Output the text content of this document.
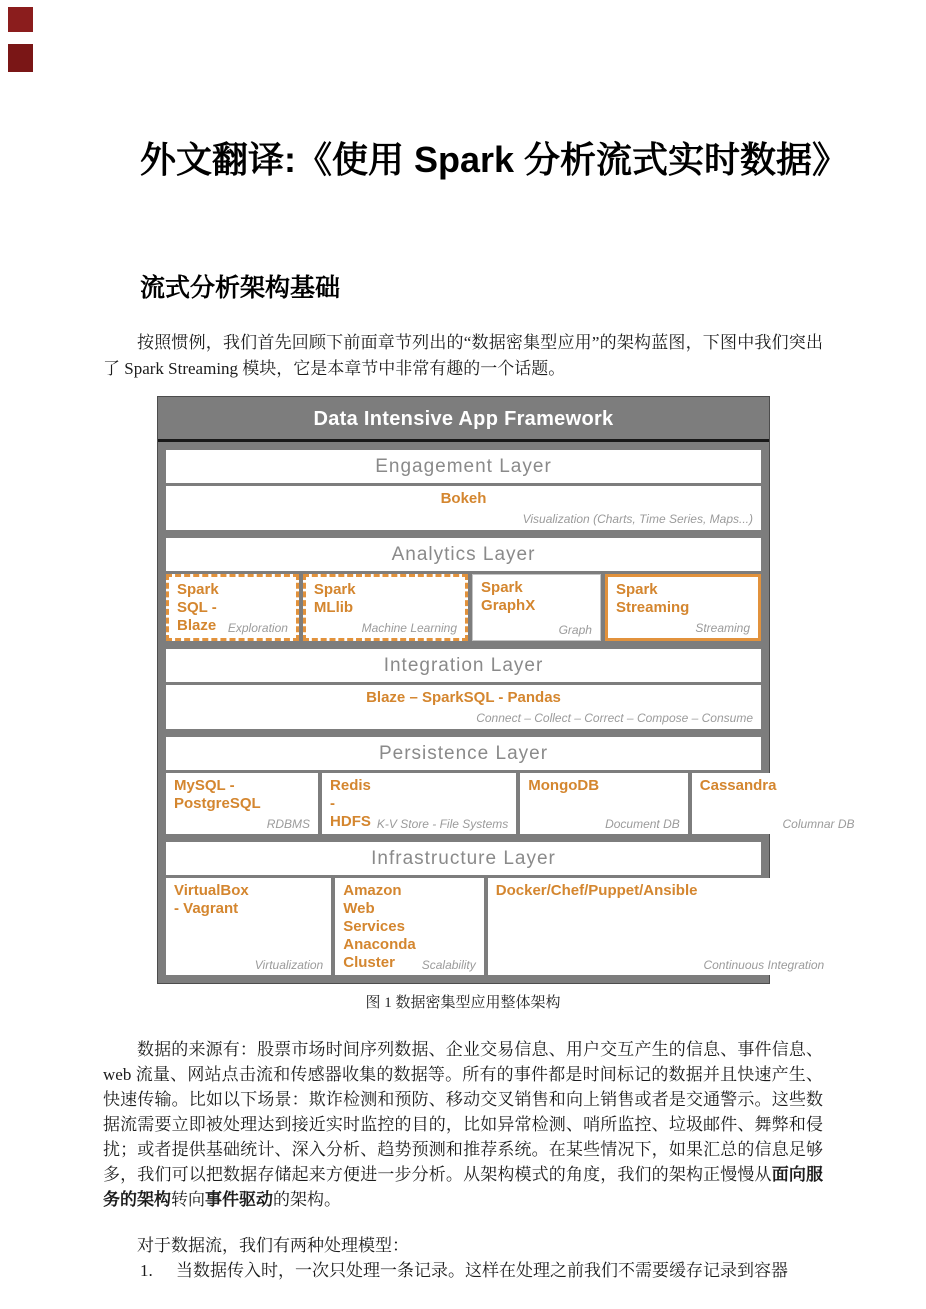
外文翻译:《使用 Spark 分析流式实时数据》
流式分析架构基础

按照惯例，我们首先回顾下前面章节列出的“数据密集型应用”的架构蓝图，下图中我们突出了 Spark Streaming 模块，它是本章节中非常有趣的一个话题。

Data Intensive App Framework
Engagement Layer
Bokeh
Visualization (Charts, Time Series, Maps...)
Analytics Layer
Spark SQL - Blaze Exploration
Spark MLlib
Machine Learning
Spark GraphX
Graph
Spark Streaming
Streaming
Integration Layer
Blaze – SparkSQL - Pandas
Connect – Collect – Correct – Compose – Consume
Persistence Layer
MySQL - PostgreSQL
RDBMS
Redis -HDFS K-V Store - File Systems
MongoDB
Document DB
Cassandra
Columnar DB
Infrastructure Layer
VirtualBox - Vagrant
Virtualization
Amazon Web Services Anaconda Cluster	Scalability
Docker/Chef/Puppet/Ansible
Continuous Integration
图 1 数据密集型应用整体架构

数据的来源有：股票市场时间序列数据、企业交易信息、用户交互产生的信息、事件信息、web 流量、网站点击流和传感器收集的数据等。所有的事件都是时间标记的数据并且快速产生、快速传输。比如以下场景：欺诈检测和预防、移动交叉销售和向上销售或者是交通警示。这些数据流需要立即被处理达到接近实时监控的目的，比如异常检测、哨所监控、垃圾邮件、舞弊和侵扰；或者提供基础统计、深入分析、趋势预测和推荐系统。在某些情况下，如果汇总的信息足够多，我们可以把数据存储起来方便进一步分析。从架构模式的角度，我们的架构正慢慢从面向服务的架构转向事件驱动的架构。

对于数据流，我们有两种处理模型：

1.	当数据传入时，一次只处理一条记录。这样在处理之前我们不需要缓存记录到容器
